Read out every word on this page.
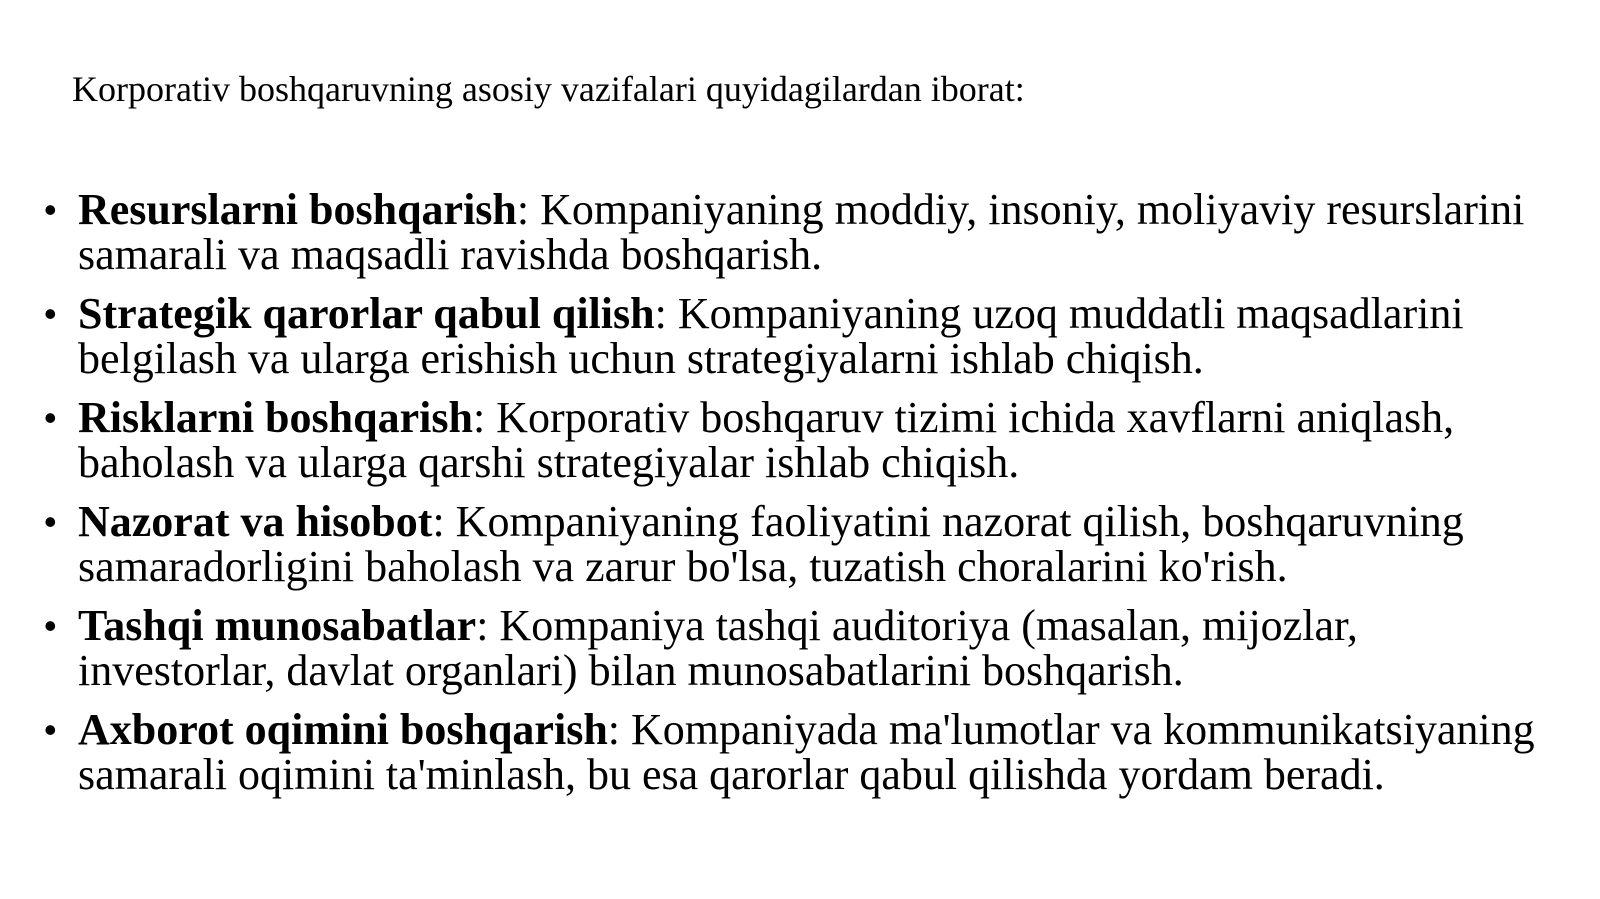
Korporativ boshqaruvning asosiy vazifalari quyidagilardan iborat:
• Resurslarni boshqarish: Kompaniyaning moddiy, insoniy, moliyaviy resurslarini samarali va maqsadli ravishda boshqarish.
• Strategik qarorlar qabul qilish: Kompaniyaning uzoq muddatli maqsadlarini belgilash va ularga erishish uchun strategiyalarni ishlab chiqish.
• Risklarni boshqarish: Korporativ boshqaruv tizimi ichida xavflarni aniqlash, baholash va ularga qarshi strategiyalar ishlab chiqish.
• Nazorat va hisobot: Kompaniyaning faoliyatini nazorat qilish, boshqaruvning samaradorligini baholash va zarur bo'lsa, tuzatish choralarini ko'rish.
• Tashqi munosabatlar: Kompaniya tashqi auditoriya (masalan, mijozlar, investorlar, davlat organlari) bilan munosabatlarini boshqarish.
• Axborot oqimini boshqarish: Kompaniyada ma'lumotlar va kommunikatsiyaning samarali oqimini ta'minlash, bu esa qarorlar qabul qilishda yordam beradi.
